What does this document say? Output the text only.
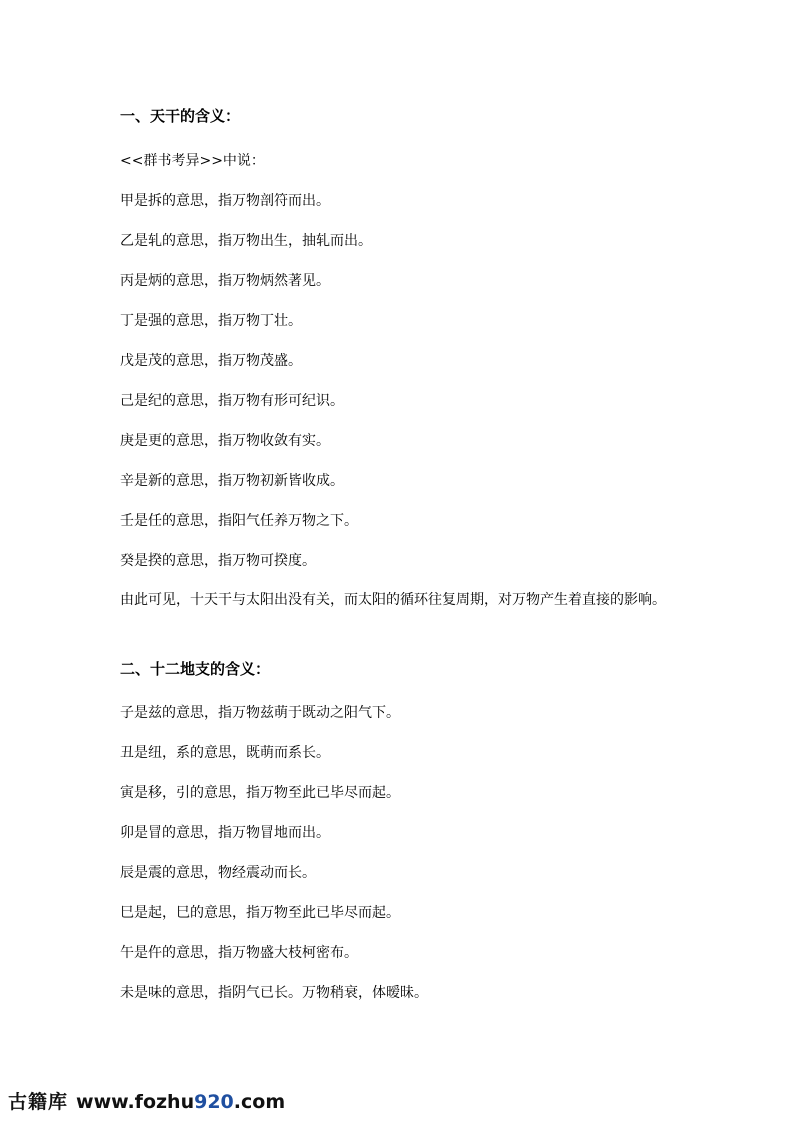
一、天干的含义：
<<群书考异>>中说：
甲是拆的意思，指万物剖符而出。
乙是轧的意思，指万物出生，抽轧而出。
丙是炳的意思，指万物炳然著见。
丁是强的意思，指万物丁壮。
戊是茂的意思，指万物茂盛。
己是纪的意思，指万物有形可纪识。
庚是更的意思，指万物收敛有实。
辛是新的意思，指万物初新皆收成。
壬是任的意思，指阳气任养万物之下。
癸是揆的意思，指万物可揆度。
由此可见，十天干与太阳出没有关，而太阳的循环往复周期，对万物产生着直接的影响。
二、十二地支的含义：
子是兹的意思，指万物兹萌于既动之阳气下。
丑是纽，系的意思，既萌而系长。
寅是移，引的意思，指万物至此已毕尽而起。
卯是冒的意思，指万物冒地而出。
辰是震的意思，物经震动而长。
巳是起，巳的意思，指万物至此已毕尽而起。
午是仵的意思，指万物盛大枝柯密布。
未是味的意思，指阴气已长。万物稍衰，体暧昧。
古籍库 www.fozhu920.com
